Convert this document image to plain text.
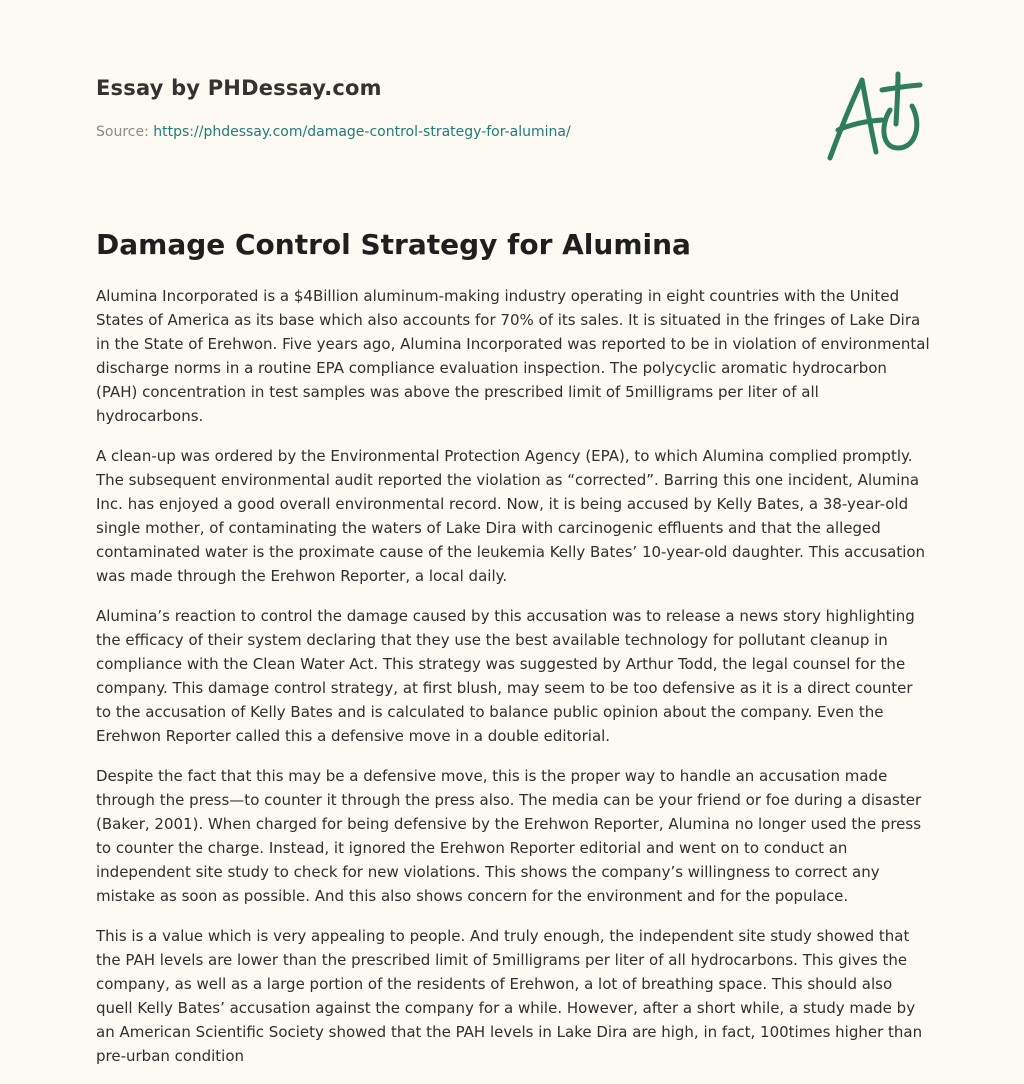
Essay by PHDessay.com
Source: https://phdessay.com/damage-control-strategy-for-alumina/
Damage Control Strategy for Alumina

Alumina Incorporated is a $4Billion aluminum-making industry operating in eight countries with the United States of America as its base which also accounts for 70% of its sales. It is situated in the fringes of Lake Dira in the State of Erehwon. Five years ago, Alumina Incorporated was reported to be in violation of environmental discharge norms in a routine EPA compliance evaluation inspection. The polycyclic aromatic hydrocarbon (PAH) concentration in test samples was above the prescribed limit of 5milligrams per liter of all hydrocarbons.

A clean-up was ordered by the Environmental Protection Agency (EPA), to which Alumina complied promptly. The subsequent environmental audit reported the violation as “corrected”. Barring this one incident, Alumina Inc. has enjoyed a good overall environmental record. Now, it is being accused by Kelly Bates, a 38-year-old single mother, of contaminating the waters of Lake Dira with carcinogenic effluents and that the alleged contaminated water is the proximate cause of the leukemia Kelly Bates’ 10-year-old daughter. This accusation was made through the Erehwon Reporter, a local daily.

Alumina’s reaction to control the damage caused by this accusation was to release a news story highlighting the efficacy of their system declaring that they use the best available technology for pollutant cleanup in compliance with the Clean Water Act. This strategy was suggested by Arthur Todd, the legal counsel for the company. This damage control strategy, at first blush, may seem to be too defensive as it is a direct counter to the accusation of Kelly Bates and is calculated to balance public opinion about the company. Even the Erehwon Reporter called this a defensive move in a double editorial.

Despite the fact that this may be a defensive move, this is the proper way to handle an accusation made through the press—to counter it through the press also. The media can be your friend or foe during a disaster (Baker, 2001). When charged for being defensive by the Erehwon Reporter, Alumina no longer used the press to counter the charge. Instead, it ignored the Erehwon Reporter editorial and went on to conduct an independent site study to check for new violations. This shows the company’s willingness to correct any mistake as soon as possible. And this also shows concern for the environment and for the populace.

This is a value which is very appealing to people. And truly enough, the independent site study showed that the PAH levels are lower than the prescribed limit of 5milligrams per liter of all hydrocarbons. This gives the company, as well as a large portion of the residents of Erehwon, a lot of breathing space. This should also quell Kelly Bates’ accusation against the company for a while. However, after a short while, a study made by an American Scientific Society showed that the PAH levels in Lake Dira are high, in fact, 100times higher than pre-urban condition
